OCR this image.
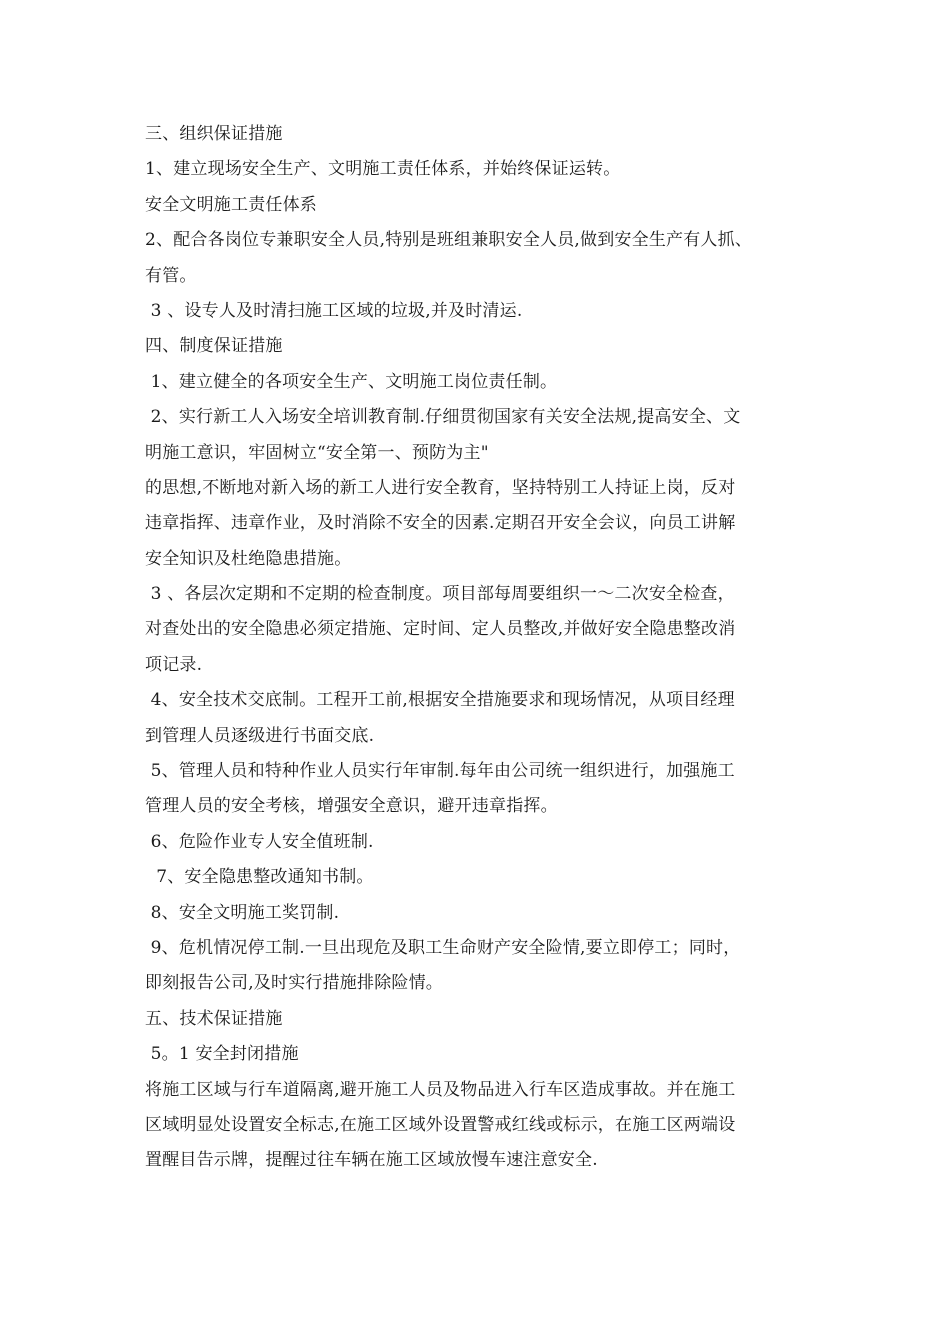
三、组织保证措施
1、建立现场安全生产、文明施工责任体系，并始终保证运转。
安全文明施工责任体系
2、配合各岗位专兼职安全人员,特别是班组兼职安全人员,做到安全生产有人抓、
有管。
3 、设专人及时清扫施工区域的垃圾,并及时清运.
四、制度保证措施
1、建立健全的各项安全生产、文明施工岗位责任制。
2、实行新工人入场安全培训教育制.仔细贯彻国家有关安全法规,提高安全、文
明施工意识，牢固树立“安全第一、预防为主"
的思想,不断地对新入场的新工人进行安全教育，坚持特别工人持证上岗，反对
违章指挥、违章作业，及时消除不安全的因素.定期召开安全会议，向员工讲解
安全知识及杜绝隐患措施。
3 、各层次定期和不定期的检查制度。项目部每周要组织一～二次安全检查，
对查处出的安全隐患必须定措施、定时间、定人员整改,并做好安全隐患整改消
项记录.
4、安全技术交底制。工程开工前,根据安全措施要求和现场情况，从项目经理
到管理人员逐级进行书面交底.
5、管理人员和特种作业人员实行年审制.每年由公司统一组织进行，加强施工
管理人员的安全考核，增强安全意识，避开违章指挥。
6、危险作业专人安全值班制.
7、安全隐患整改通知书制。
8、安全文明施工奖罚制.
9、危机情况停工制.一旦出现危及职工生命财产安全险情,要立即停工；同时，
即刻报告公司,及时实行措施排除险情。
五、技术保证措施
5。1 安全封闭措施
将施工区域与行车道隔离,避开施工人员及物品进入行车区造成事故。并在施工
区域明显处设置安全标志,在施工区域外设置警戒红线或标示，在施工区两端设
置醒目告示牌，提醒过往车辆在施工区域放慢车速注意安全.
